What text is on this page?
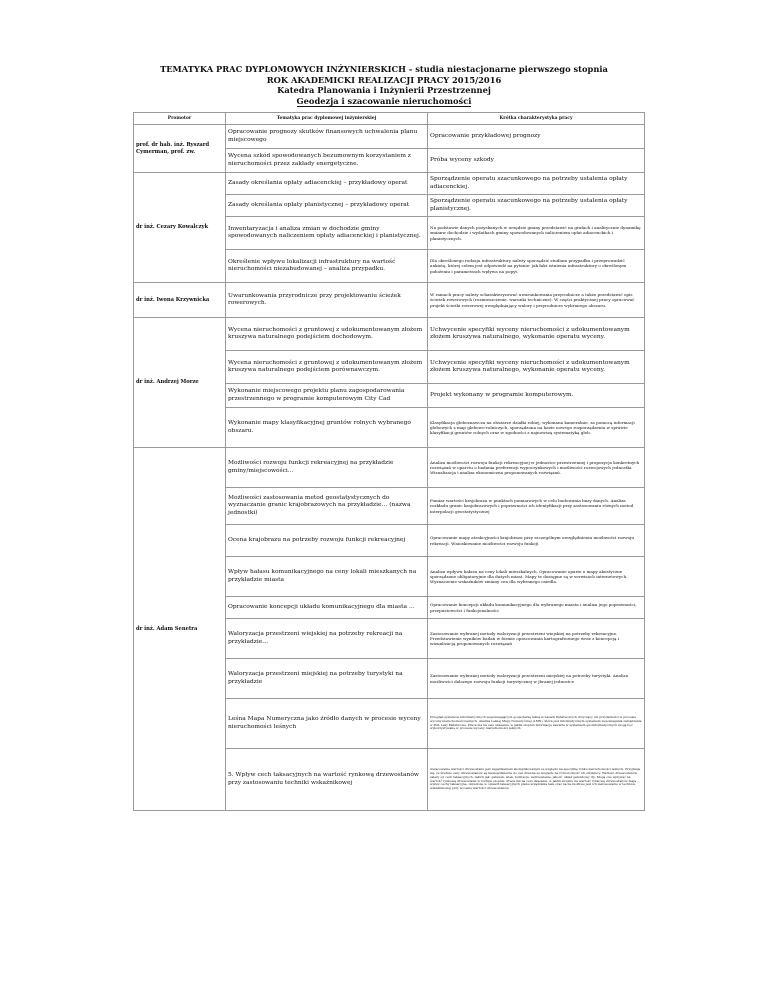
TEMATYKA PRAC DYPLOMOWYCH INŻYNIERSKICH - studia niestacjonarne pierwszego stopnia
ROK AKADEMICKI REALIZACJI PRACY 2015/2016
Katedra Planowania i Inżynierii Przestrzennej
Geodezja i szacowanie nieruchomości
Promotor	Tematyka prac dyplomowej inżynierskiej	Krótka charakterystyka pracy
prof. dr hab. inż. Ryszard Cymerman, prof. zw.	Opracowanie prognozy skutków finansowych uchwalenia planu miejscowego	Opracowanie przykładowej prognozy
	Wycena szkód spowodowanych bezumownym korzystaniem z nieruchomości przez zakłady energetyczne.	Próba wyceny szkody
dr inż. Cezary Kowalczyk	Zasady określania opłaty adiacenckiej – przykładowy operat	Sporządzenie operatu szacunkowego na potrzeby ustalenia opłaty adiacenckiej.
	Zasady określania opłaty planistycznej – przykładowy operat	Sporządzenie operatu szacunkowego na potrzeby ustalenia opłaty planistycznej.
	Inwentaryzacja i analiza zmian w dochodzie gminy spowodowanych naliczeniem opłaty adiacenckiej i planistycznej.	Na podstawie danych pozyskanych w urzędzie gminy przedstawić na grafach i analitycznie dynamikę zmianw dochodzie i wydatkach gminy spowodowanych naliczeniem opłat adiacenckich i planistycznych.
	Określenie wpływu lokalizacji infrastruktury na wartość nieruchomości niezabudowanej – analiza przypadku.	Dla określonego rodzaju infrastruktury należy sporządzić studium przypadku i przeprowadzić ankietę, której celem jest odpowiedź na pytanie: jak fakt istnienia infrastruktury o określonym położeniu i parametrach wpływa na popyt.
dr inż. Iwona Krzywnicka	Uwarunkowania przyrodnicze przy projektowaniu ścieżek rowerowych.	W ramach pracy należy scharakteryzować uwarunkowania przyrodnicze a także przedstawić opis ścieżek rowerowych (rozmieszczenie, warunki techniczne). W części praktycznej pracy opracować projekt ścieżki rowerowej uwzględniający walory i przyrodnicze wybranego obszaru.
dr inż. Andrzej Morze	Wycena nieruchomości z gruntowej z udokumentowanym złożem kruszywa naturalnego podejściem dochodowym.	Uchwycenie specyfiki wyceny nieruchomości z udokumentowanym złożem kruszywa naturalnego, wykonanie operatu wyceny.
	Wycena nieruchomości z gruntowej z udokumentowanym złożem kruszywa naturalnego podejściem porównawczym.	Uchwycenie specyfiki wyceny nieruchomości z udokumentowanym złożem kruszywa naturalnego, wykonanie operatu wyceny.
	Wykonanie miejscowego projektu planu zagospodarowania przestrzennego w programie komputerowym City Cad	Projekt wykonany w programie komputerowym.
	Wykonanie mapy klasyfikacyjnej gruntów rolnych wybranego obszaru.	Klasyfikacja gleboznawcza na obszarze działki rolnej, wykonana kameralnie, za pomocą informacji glebowych z map glebowo-rolniczych, sporządzona na bazie nowego rozporządzenia w sprawie klasyfikacji gruntów rolnych oraz w zgodności z najnowszą systematyką gleb.
dr inż. Adam Senetra	Możliwości rozwoju funkcji rekreacyjnej na przykładzie gminy/miejscowości…	Analiza możliwości rozwoju funkcji rekreacyjnej w jednostce przestrzennej i propozycja konkretnych rozwiązań w oparciu o badania preferencji wypoczynkowych i możliwości rozwojowych jednostki. Wizualizacja i analiza ekonomiczna proponowanych rozwiązań.
	Możliwości zastosowania metod geostatystycznych do wyznaczanie granic krajobrazowych na przykładzie… (nazwa jednostki)	Pomiar wartości krajobrazu w punktach pomiarowych w celu budowania bazy danych. Analiza rozkładu granic krajobrazowych i poprawności ich identyfikacji przy zastosowaniu różnych metod interpolacji geostatystycznej
	Ocena krajobrazu na potrzeby rozwoju funkcji rekreacyjnej	Opracowanie mapy atrakcyjności krajobrazu przy szczególnym uwzględnieniu możliwości rozwoju rekreacji. Wnioskowanie możliwości rozwoju funkcji
	Wpływ hałasu komunikacyjnego na ceny lokali mieszkanych na przykładzie miasta	Analiza wpływu hałasu na ceny lokali mieszkalnych. Opracowanie oparte o mapy akustyczne sporządzane obligatoryjnie dla dużych miast. Mapy te dostępne są w serwisach internetowych. Wyznaczenie wskaźników zmiany cen dla wybranego osiedla.
	Opracowanie koncepcji układu komunikacyjnego dla miasta …	Opracowanie koncepcji układu komunikacyjnego dla wybranego miasta i analiza jego poprawności, przepustowości i funkcjonalności
	Waloryzacja przestrzeni wiejskiej na potrzeby rekreacji na przykładzie…	Zastosowanie wybranej metody waloryzacji przestrzeni wiejskiej na potrzeby rekreacyjne. Przedstawienie wyników badań w formie opracowania kartograficznego wraz z koncepcją i wizualizacją proponowanych rozwiązań
	Waloryzacja przestrzeni miejskiej na potrzeby turystyki na przykładzie	Zastosowanie wybranej metody waloryzacji przestrzeni miejskiej na potrzeby turystyki. Analiza możliwości dalszego rozwoju funkcji turystycznej w jbranej jednostce
	Leśna Mapa Numeryczna jako źródło danych w procesie wyceny nieruchomości leśnych	Przegląd systemów informatycznych wspomagających gospodarkę leśną w Lasach Państwowych dotyczący ich przydatności w procesie wyceny nieruchomości leśnych. Analiza Leśnej Mapy Numerycznej (LMN), która jest informatycznym systemem wspomagania zarządzania w PGL Lasy Państwowe. Praca ma na celu ukazanie, w jakim stopniu informacje zawarte w systemach geoinformatycznych mogą być wykorzystywane w procesie wyceny nieruchomości leśnych.
	5. Wpływ cech taksacyjnych na wartość rynkową drzewostanów przy zastosowaniu techniki wskaźnikowej	Oszacowanie wartości drzewostanu jest zagadnieniem skomplikowanym ze względu na specyfikę rynku nieruchomości leśnych. Przyjmuje się, że średnie ceny drzewostanów są niewspółmierne do cen drewna ze względu na różnorodność ich struktury. Wartość drzewostanów zależy od cech taksacyjnych, takich jak: gatunek, wiek, bonitacja, zadrzewienie, jakość, skład gatunkowy itp. Mogą one wpływać na wartość rynkową drzewostanu w różnym stopniu. Praca ma na celu ukazanie, w jakim stopniu na wartość rynkową drzewostanów mają wpływ cechy taksacyjne, określone w opisach taksacyjnych planu urządzania lasu oraz na ile możliwe jest ich zastosowanie w technice wskaźnikowej przy wycenie wartości drzewostanów.
